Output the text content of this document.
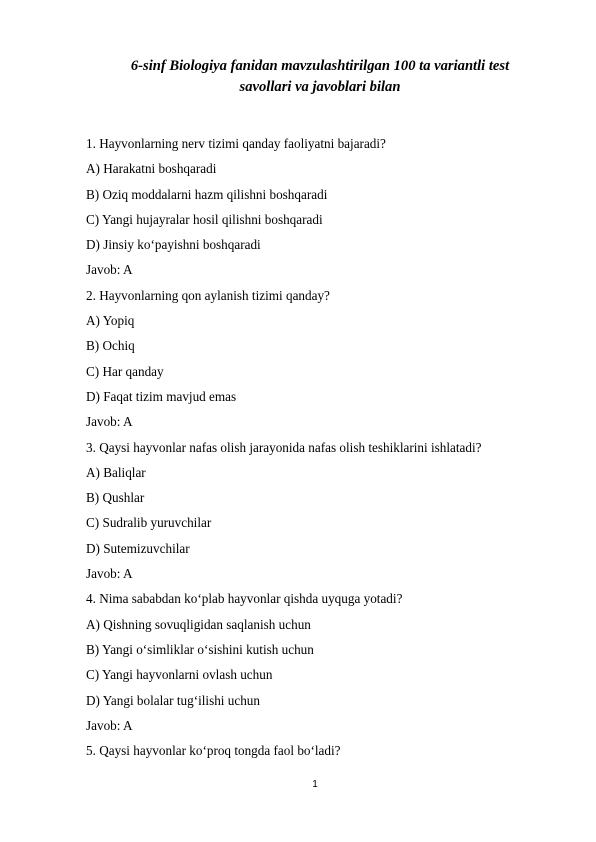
6-sinf Biologiya fanidan mavzulashtirilgan 100 ta variantli test
savollari va javoblari bilan
1. Hayvonlarning nerv tizimi qanday faoliyatni bajaradi?
A) Harakatni boshqaradi
B) Oziq moddalarni hazm qilishni boshqaradi
C) Yangi hujayralar hosil qilishni boshqaradi
D) Jinsiy ko‘payishni boshqaradi
Javob: A
2. Hayvonlarning qon aylanish tizimi qanday?
A) Yopiq
B) Ochiq
C) Har qanday
D) Faqat tizim mavjud emas
Javob: A
3. Qaysi hayvonlar nafas olish jarayonida nafas olish teshiklarini ishlatadi?
A) Baliqlar
B) Qushlar
C) Sudralib yuruvchilar
D) Sutemizuvchilar
Javob: A
4. Nima sababdan ko‘plab hayvonlar qishda uyquga yotadi?
A) Qishning sovuqligidan saqlanish uchun
B) Yangi o‘simliklar o‘sishini kutish uchun
C) Yangi hayvonlarni ovlash uchun
D) Yangi bolalar tug‘ilishi uchun
Javob: A
5. Qaysi hayvonlar ko‘proq tongda faol bo‘ladi?
1
